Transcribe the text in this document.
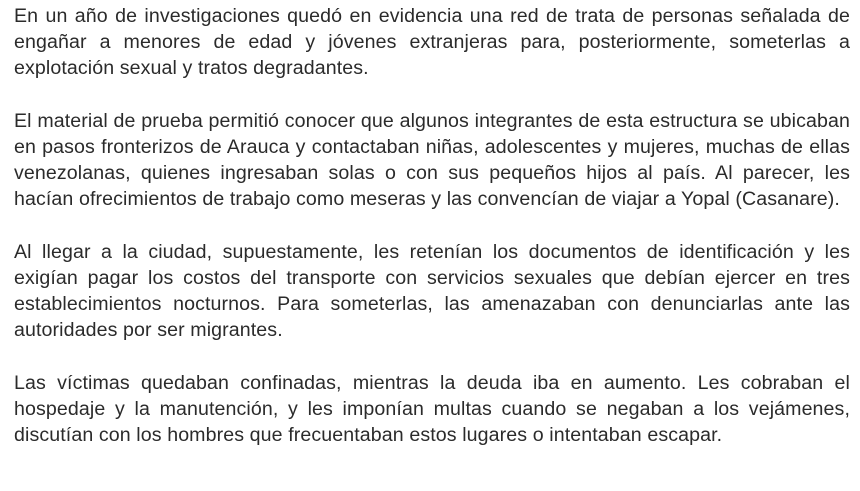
En un año de investigaciones quedó en evidencia una red de trata de personas señalada de engañar a menores de edad y jóvenes extranjeras para, posteriormente, someterlas a explotación sexual y tratos degradantes.

El material de prueba permitió conocer que algunos integrantes de esta estructura se ubicaban en pasos fronterizos de Arauca y contactaban niñas, adolescentes y mujeres, muchas de ellas venezolanas, quienes ingresaban solas o con sus pequeños hijos al país. Al parecer, les hacían ofrecimientos de trabajo como meseras y las convencían de viajar a Yopal (Casanare).

Al llegar a la ciudad, supuestamente, les retenían los documentos de identificación y les exigían pagar los costos del transporte con servicios sexuales que debían ejercer en tres establecimientos nocturnos. Para someterlas, las amenazaban con denunciarlas ante las autoridades por ser migrantes.

Las víctimas quedaban confinadas, mientras la deuda iba en aumento. Les cobraban el hospedaje y la manutención, y les imponían multas cuando se negaban a los vejámenes, discutían con los hombres que frecuentaban estos lugares o intentaban escapar.
